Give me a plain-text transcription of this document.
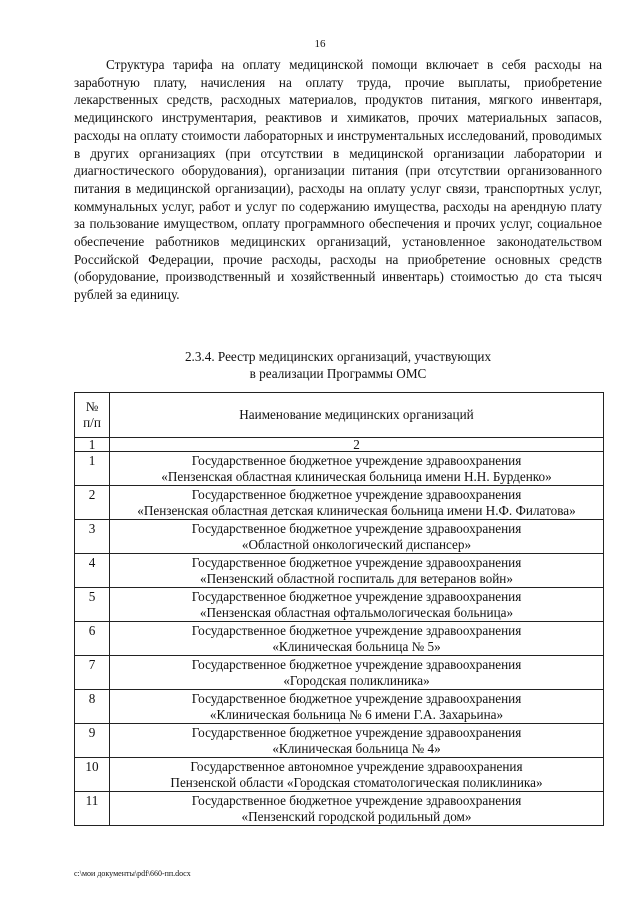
16

Структура тарифа на оплату медицинской помощи включает в себя расходы на заработную плату, начисления на оплату труда, прочие выплаты, приобретение лекарственных средств, расходных материалов, продуктов питания, мягкого инвентаря, медицинского инструментария, реактивов и химикатов, прочих материальных запасов, расходы на оплату стоимости лабораторных и инструментальных исследований, проводимых в других организациях (при отсутствии в медицинской организации лаборатории и диагностического оборудования), организации питания (при отсутствии организованного питания в медицинской организации), расходы на оплату услуг связи, транспортных услуг, коммунальных услуг, работ и услуг по содержанию имущества, расходы на арендную плату за пользование имуществом, оплату программного обеспечения и прочих услуг, социальное обеспечение работников медицинских организаций, установленное законодательством Российской Федерации, прочие расходы, расходы на приобретение основных средств (оборудование, производственный и хозяйственный инвентарь) стоимостью до ста тысяч рублей за единицу.

2.3.4. Реестр медицинских организаций, участвующих
в реализации Программы ОМС
№
п/п	Наименование медицинских организаций
1	2
1	Государственное бюджетное учреждение здравоохранения
«Пензенская областная клиническая больница имени Н.Н. Бурденко»

2	Государственное бюджетное учреждение здравоохранения
«Пензенская областная детская клиническая больница имени Н.Ф. Филатова»

3	Государственное бюджетное учреждение здравоохранения
«Областной онкологический диспансер»

4	Государственное бюджетное учреждение здравоохранения
«Пензенский областной госпиталь для ветеранов войн»

5	Государственное бюджетное учреждение здравоохранения
«Пензенская областная офтальмологическая больница»

6	Государственное бюджетное учреждение здравоохранения
«Клиническая больница № 5»

7	Государственное бюджетное учреждение здравоохранения
«Городская поликлиника»

8	Государственное бюджетное учреждение здравоохранения
«Клиническая больница № 6 имени Г.А. Захарьина»

9	Государственное бюджетное учреждение здравоохранения
«Клиническая больница № 4»

10	Государственное автономное учреждение здравоохранения
Пензенской области «Городская стоматологическая поликлиника»

11	Государственное бюджетное учреждение здравоохранения
«Пензенский городской родильный дом»
c:\мои документы\pdf\660-пп.docx
